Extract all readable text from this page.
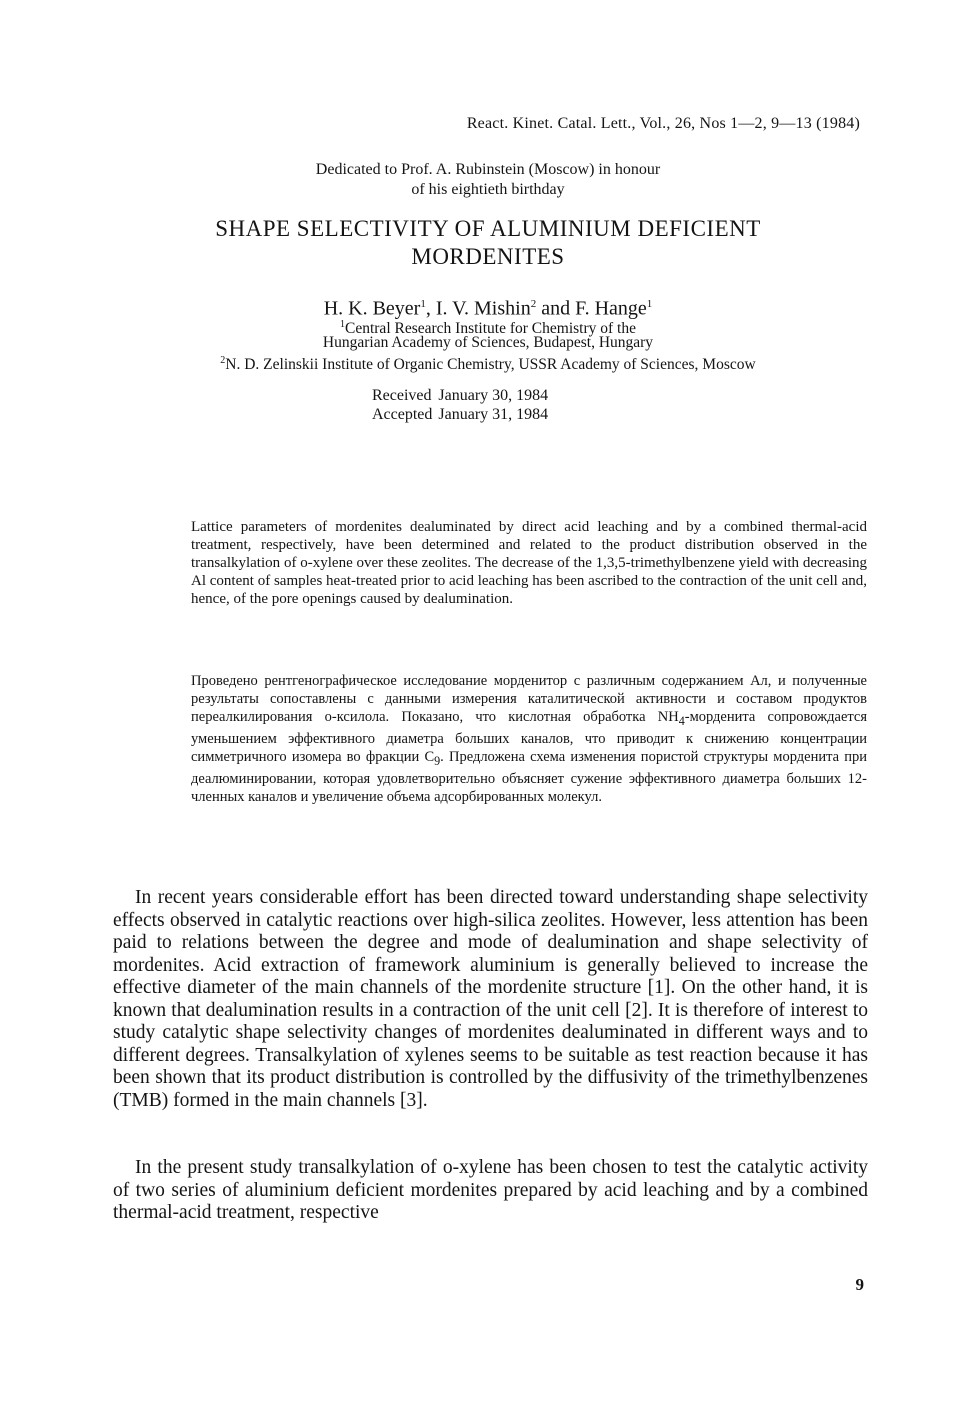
React. Kinet. Catal. Lett., Vol., 26, Nos 1—2, 9—13 (1984)
Dedicated to Prof. A. Rubinstein (Moscow) in honour
of his eightieth birthday
SHAPE SELECTIVITY OF ALUMINIUM DEFICIENT
MORDENITES
H. K. Beyer$^1$, I. V. Mishin$^2$ and F. Hange$^1$
$^1$Central Research Institute for Chemistry of the
Hungarian Academy of Sciences, Budapest, Hungary
$^2$N. D. Zelinskii Institute of Organic Chemistry, USSR Academy of Sciences, Moscow
Received	January 30, 1984
Accepted	January 31, 1984

Lattice parameters of mordenites dealuminated by direct acid leaching and by a combined thermal-acid treatment, respectively, have been determined and related to the product distribution observed in the transalkylation of o-xylene over these zeolites. The decrease of the 1,3,5-trimethylbenzene yield with decreasing Al content of samples heat-treated prior to acid leaching has been ascribed to the contraction of the unit cell and, hence, of the pore openings caused by dealumination.

Проведено рентгенографическое исследование морденитор с различным содержанием Ал, и полученные результаты сопоставлены с данными измерения каталитической активности и составом продуктов переалкилирования о-ксилола. Показано, что кислотная обработка $NH_4$-морденита сопровождается уменьшением эффективного диаметра больших каналов, что приводит к снижению концентрации симметричного изомера во фракции $C_9$. Предложена схема изменения пористой структуры морденита при деалюминировании, которая удовлетворительно объясняет сужение эффективного диаметра больших 12-членных каналов и увеличение объема адсорбированных молекул.

In recent years considerable effort has been directed toward understanding shape selectivity effects observed in catalytic reactions over high-silica zeolites. However, less attention has been paid to relations between the degree and mode of dealumination and shape selectivity of mordenites. Acid extraction of framework aluminium is generally believed to increase the effective diameter of the main channels of the mordenite structure [1]. On the other hand, it is known that dealumination results in a contraction of the unit cell [2]. It is therefore of interest to study catalytic shape selectivity changes of mordenites dealuminated in different ways and to different degrees. Transalkylation of xylenes seems to be suitable as test reaction because it has been shown that its product distribution is controlled by the diffusivity of the trimethylbenzenes (TMB) formed in the main channels [3].

In the present study transalkylation of o-xylene has been chosen to test the catalytic activity of two series of aluminium deficient mordenites prepared by acid leaching and by a combined thermal-acid treatment, respective

9
